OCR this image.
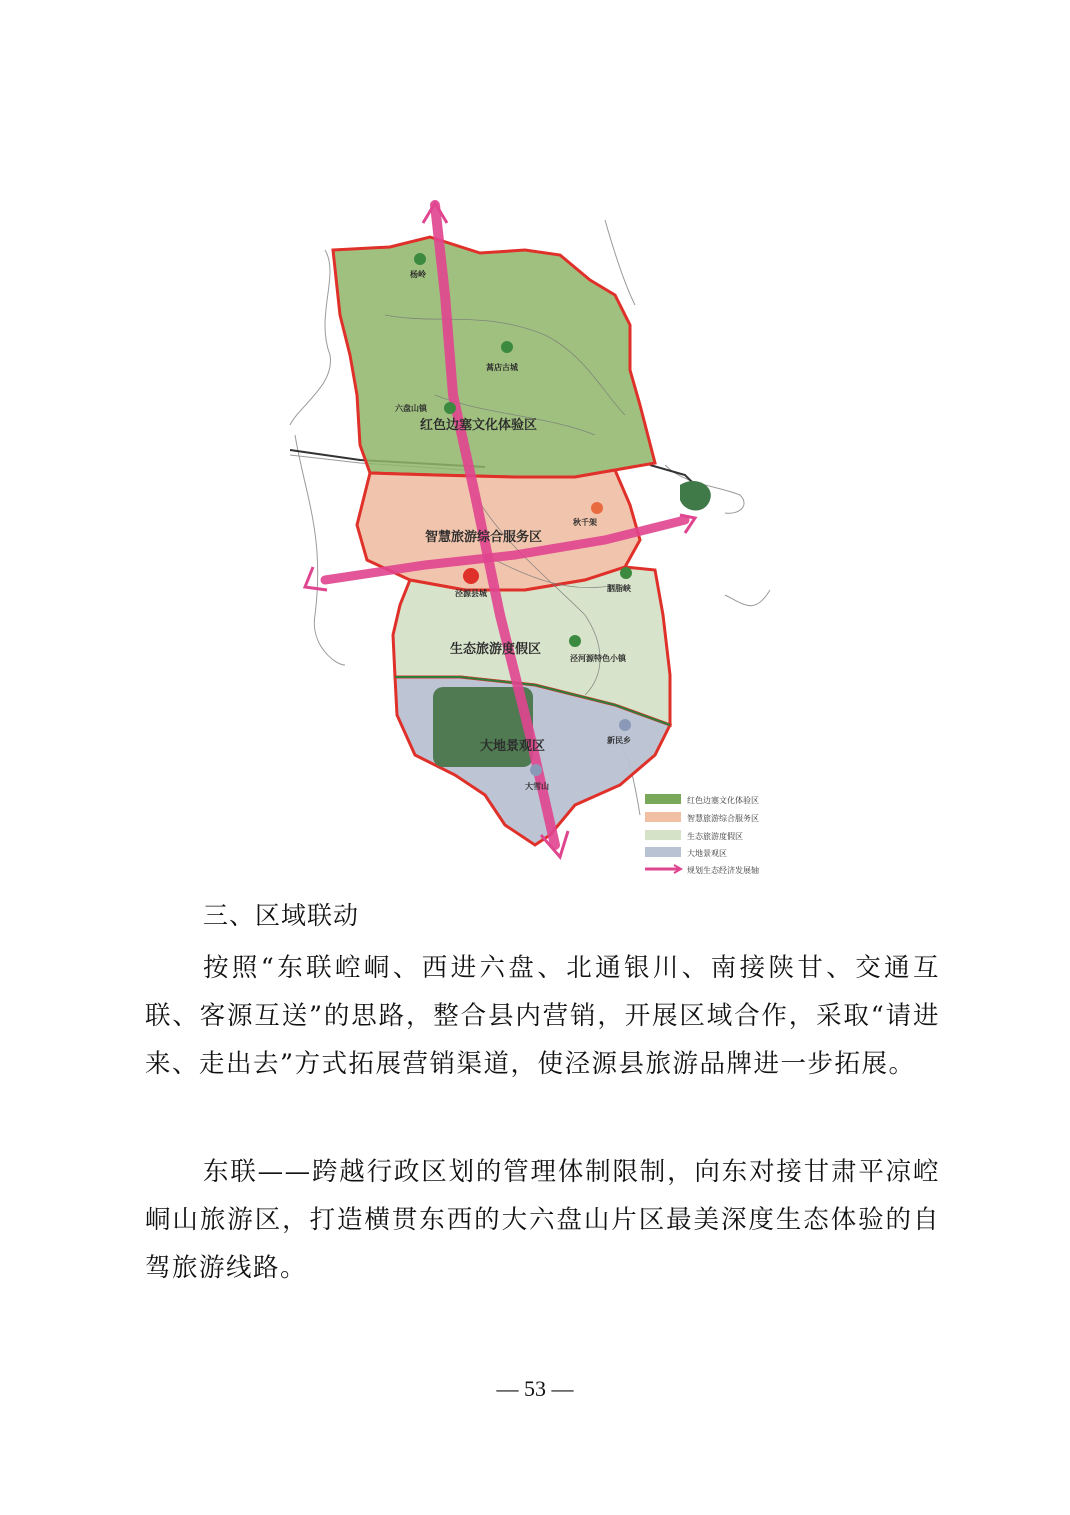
红色边塞文化体验区
智慧旅游综合服务区
生态旅游度假区
大地景观区
杨岭
蒿店古城
六盘山镇
泾源县城
秋千架
胭脂峡
泾河源特色小镇
新民乡
大雪山
红色边塞文化体验区
智慧旅游综合服务区
生态旅游度假区
大地景观区
规划生态经济发展轴
三、区域联动

按照“东联崆峒、西进六盘、北通银川、南接陕甘、交通互联、客源互送”的思路，整合县内营销，开展区域合作，采取“请进来、走出去”方式拓展营销渠道，使泾源县旅游品牌进一步拓展。

东联——跨越行政区划的管理体制限制，向东对接甘肃平凉崆峒山旅游区，打造横贯东西的大六盘山片区最美深度生态体验的自驾旅游线路。

— 53 —
